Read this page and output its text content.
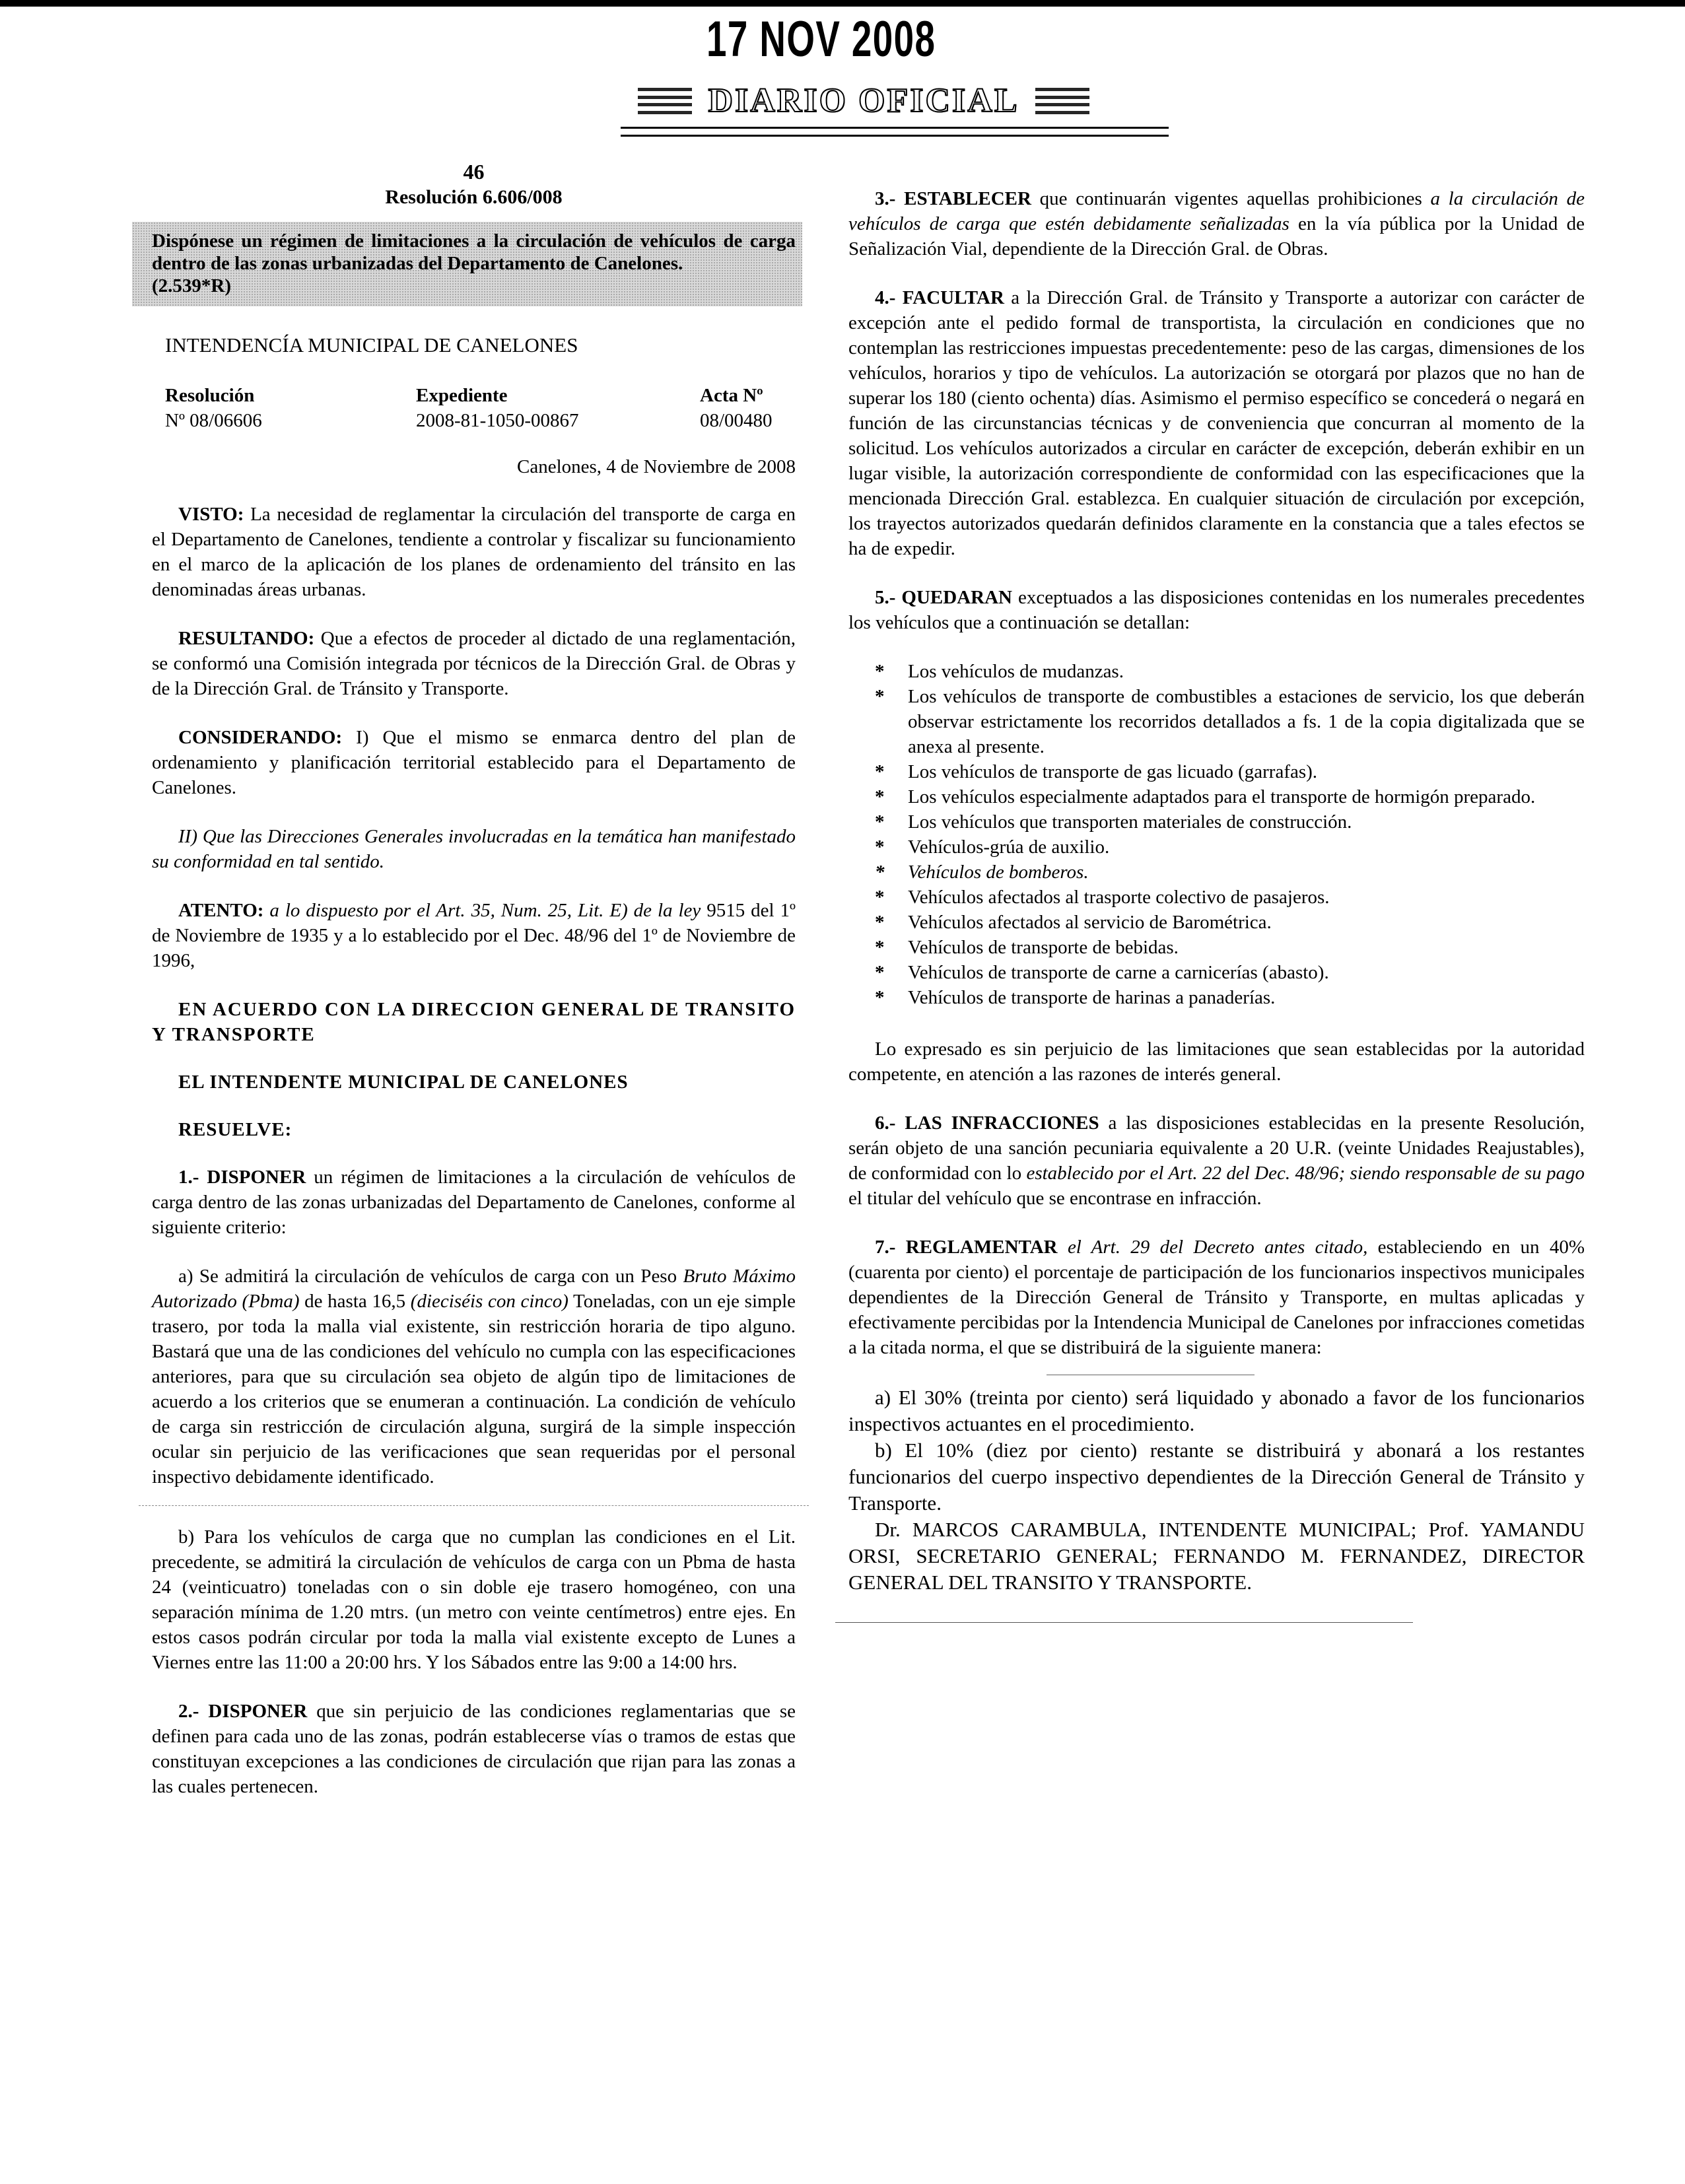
17 NOV 2008
DIARIO OFICIAL
46
Resolución 6.606/008
Dispónese un régimen de limitaciones a la circulación de vehículos de carga dentro de las zonas urbanizadas del Departamento de Canelones.
(2.539*R)
INTENDENCÍA MUNICIPAL DE CANELONES
Resolución	Expediente	Acta Nº
Nº 08/06606	2008-81-1050-00867	08/00480
Canelones, 4 de Noviembre de 2008

VISTO: La necesidad de reglamentar la circulación del transporte de carga en el Departamento de Canelones, tendiente a controlar y fiscalizar su funcionamiento en el marco de la aplicación de los planes de ordenamiento del tránsito en las denominadas áreas urbanas.

RESULTANDO: Que a efectos de proceder al dictado de una reglamentación, se conformó una Comisión integrada por técnicos de la Dirección Gral. de Obras y de la Dirección Gral. de Tránsito y Transporte.

CONSIDERANDO: I) Que el mismo se enmarca dentro del plan de ordenamiento y planificación territorial establecido para el Departamento de Canelones.

II) Que las Direcciones Generales involucradas en la temática han manifestado su conformidad en tal sentido.

ATENTO: a lo dispuesto por el Art. 35, Num. 25, Lit. E) de la ley 9515 del 1º de Noviembre de 1935 y a lo establecido por el Dec. 48/96 del 1º de Noviembre de 1996,

EN ACUERDO CON LA DIRECCION GENERAL DE TRANSITO Y TRANSPORTE

EL INTENDENTE MUNICIPAL DE CANELONES

RESUELVE:

1.- DISPONER un régimen de limitaciones a la circulación de vehículos de carga dentro de las zonas urbanizadas del Departamento de Canelones, conforme al siguiente criterio:

a) Se admitirá la circulación de vehículos de carga con un Peso Bruto Máximo Autorizado (Pbma) de hasta 16,5 (dieciséis con cinco) Toneladas, con un eje simple trasero, por toda la malla vial existente, sin restricción horaria de tipo alguno. Bastará que una de las condiciones del vehículo no cumpla con las especificaciones anteriores, para que su circulación sea objeto de algún tipo de limitaciones de acuerdo a los criterios que se enumeran a continuación. La condición de vehículo de carga sin restricción de circulación alguna, surgirá de la simple inspección ocular sin perjuicio de las verificaciones que sean requeridas por el personal inspectivo debidamente identificado.

b) Para los vehículos de carga que no cumplan las condiciones en el Lit. precedente, se admitirá la circulación de vehículos de carga con un Pbma de hasta 24 (veinticuatro) toneladas con o sin doble eje trasero homogéneo, con una separación mínima de 1.20 mtrs. (un metro con veinte centímetros) entre ejes. En estos casos podrán circular por toda la malla vial existente excepto de Lunes a Viernes entre las 11:00 a 20:00 hrs. Y los Sábados entre las 9:00 a 14:00 hrs.

2.- DISPONER que sin perjuicio de las condiciones reglamentarias que se definen para cada uno de las zonas, podrán establecerse vías o tramos de estas que constituyan excepciones a las condiciones de circulación que rijan para las zonas a las cuales pertenecen.

3.- ESTABLECER que continuarán vigentes aquellas prohibiciones a la circulación de vehículos de carga que estén debidamente señalizadas en la vía pública por la Unidad de Señalización Vial, dependiente de la Dirección Gral. de Obras.

4.- FACULTAR a la Dirección Gral. de Tránsito y Transporte a autorizar con carácter de excepción ante el pedido formal de transportista, la circulación en condiciones que no contemplan las restricciones impuestas precedentemente: peso de las cargas, dimensiones de los vehículos, horarios y tipo de vehículos. La autorización se otorgará por plazos que no han de superar los 180 (ciento ochenta) días. Asimismo el permiso específico se concederá o negará en función de las circunstancias técnicas y de conveniencia que concurran al momento de la solicitud. Los vehículos autorizados a circular en carácter de excepción, deberán exhibir en un lugar visible, la autorización correspondiente de conformidad con las especificaciones que la mencionada Dirección Gral. establezca. En cualquier situación de circulación por excepción, los trayectos autorizados quedarán definidos claramente en la constancia que a tales efectos se ha de expedir.

5.- QUEDARAN exceptuados a las disposiciones contenidas en los numerales precedentes los vehículos que a continuación se detallan:

* Los vehículos de mudanzas.
* Los vehículos de transporte de combustibles a estaciones de servicio, los que deberán observar estrictamente los recorridos detallados a fs. 1 de la copia digitalizada que se anexa al presente.
* Los vehículos de transporte de gas licuado (garrafas).
* Los vehículos especialmente adaptados para el transporte de hormigón preparado.
* Los vehículos que transporten materiales de construcción.
* Vehículos-grúa de auxilio.
* Vehículos de bomberos.
* Vehículos afectados al trasporte colectivo de pasajeros.
* Vehículos afectados al servicio de Barométrica.
* Vehículos de transporte de bebidas.
* Vehículos de transporte de carne a carnicerías (abasto).
* Vehículos de transporte de harinas a panaderías.

Lo expresado es sin perjuicio de las limitaciones que sean establecidas por la autoridad competente, en atención a las razones de interés general.

6.- LAS INFRACCIONES a las disposiciones establecidas en la presente Resolución, serán objeto de una sanción pecuniaria equivalente a 20 U.R. (veinte Unidades Reajustables), de conformidad con lo establecido por el Art. 22 del Dec. 48/96; siendo responsable de su pago el titular del vehículo que se encontrase en infracción.

7.- REGLAMENTAR el Art. 29 del Decreto antes citado, estableciendo en un 40% (cuarenta por ciento) el porcentaje de participación de los funcionarios inspectivos municipales dependientes de la Dirección General de Tránsito y Transporte, en multas aplicadas y efectivamente percibidas por la Intendencia Municipal de Canelones por infracciones cometidas a la citada norma, el que se distribuirá de la siguiente manera:

a) El 30% (treinta por ciento) será liquidado y abonado a favor de los funcionarios inspectivos actuantes en el procedimiento.

b) El 10% (diez por ciento) restante se distribuirá y abonará a los restantes funcionarios del cuerpo inspectivo dependientes de la Dirección General de Tránsito y Transporte.

Dr. MARCOS CARAMBULA, INTENDENTE MUNICIPAL; Prof. YAMANDU ORSI, SECRETARIO GENERAL; FERNANDO M. FERNANDEZ, DIRECTOR GENERAL DEL TRANSITO Y TRANSPORTE.
